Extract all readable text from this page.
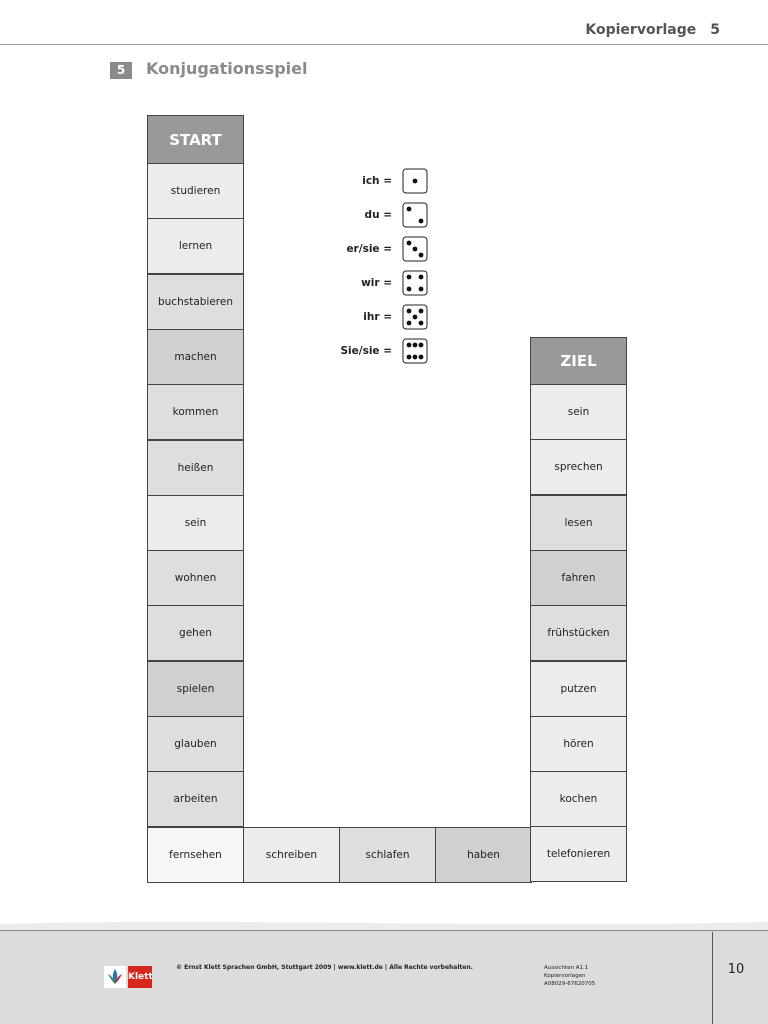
Kopiervorlage 5
5	Konjugationsspiel
START
ZIEL
studieren
lernen
buchstabieren
machen
kommen
heißen
sein
wohnen
gehen
spielen
glauben
arbeiten
fernsehen	schreiben	schlafen	haben
sein
sprechen
lesen
fahren
frühstücken
putzen
hören
kochen
telefonieren
ich =
du =
er/sie =
wir =
ihr =
Sie/sie =
Klett
© Ernst Klett Sprachen GmbH, Stuttgart 2009 | www.klett.de | Alle Rechte vorbehalten.	Aussichten A1.1
Kopiervorlagen
A08029-67620705
10
